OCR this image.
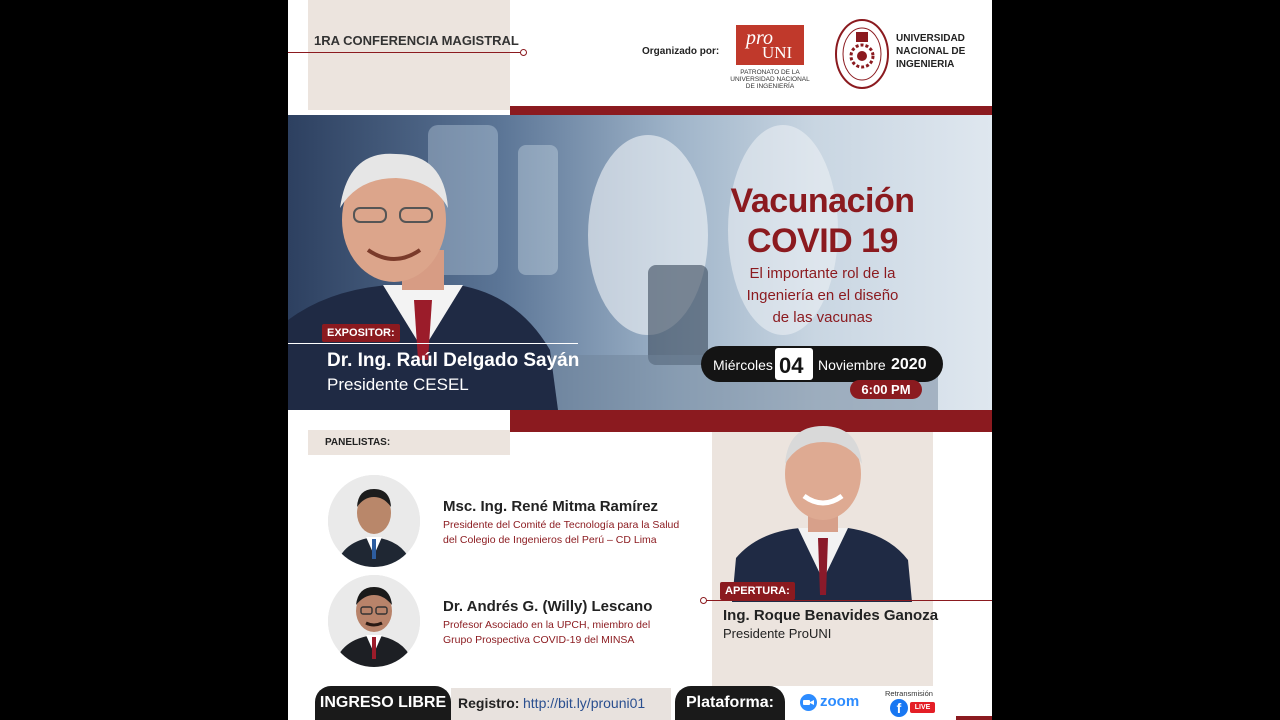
1RA CONFERENCIA MAGISTRAL
Organizado por:
pro
UNI
PATRONATO DE LA
UNIVERSIDAD NACIONAL
DE INGENIERÍA
UNIVERSIDAD
NACIONAL DE
INGENIERIA
Vacunación
COVID 19
El importante rol de la
Ingeniería en el diseño
de las vacunas
Miércoles 04 Noviembre 2020
6:00 PM
EXPOSITOR:
Dr. Ing. Raúl Delgado Sayán
Presidente CESEL
PANELISTAS:
Msc. Ing. René Mitma Ramírez
Presidente del Comité de Tecnología para la Salud
del Colegio de Ingenieros del Perú – CD Lima
Dr. Andrés G. (Willy) Lescano
Profesor Asociado en la UPCH, miembro del
Grupo Prospectiva COVID-19 del MINSA
APERTURA:
Ing. Roque Benavides Ganoza
Presidente ProUNI
INGRESO LIBRE Registro: http://bit.ly/prouni01	Plataforma:	zoom	Retransmisión
f	LIVE
